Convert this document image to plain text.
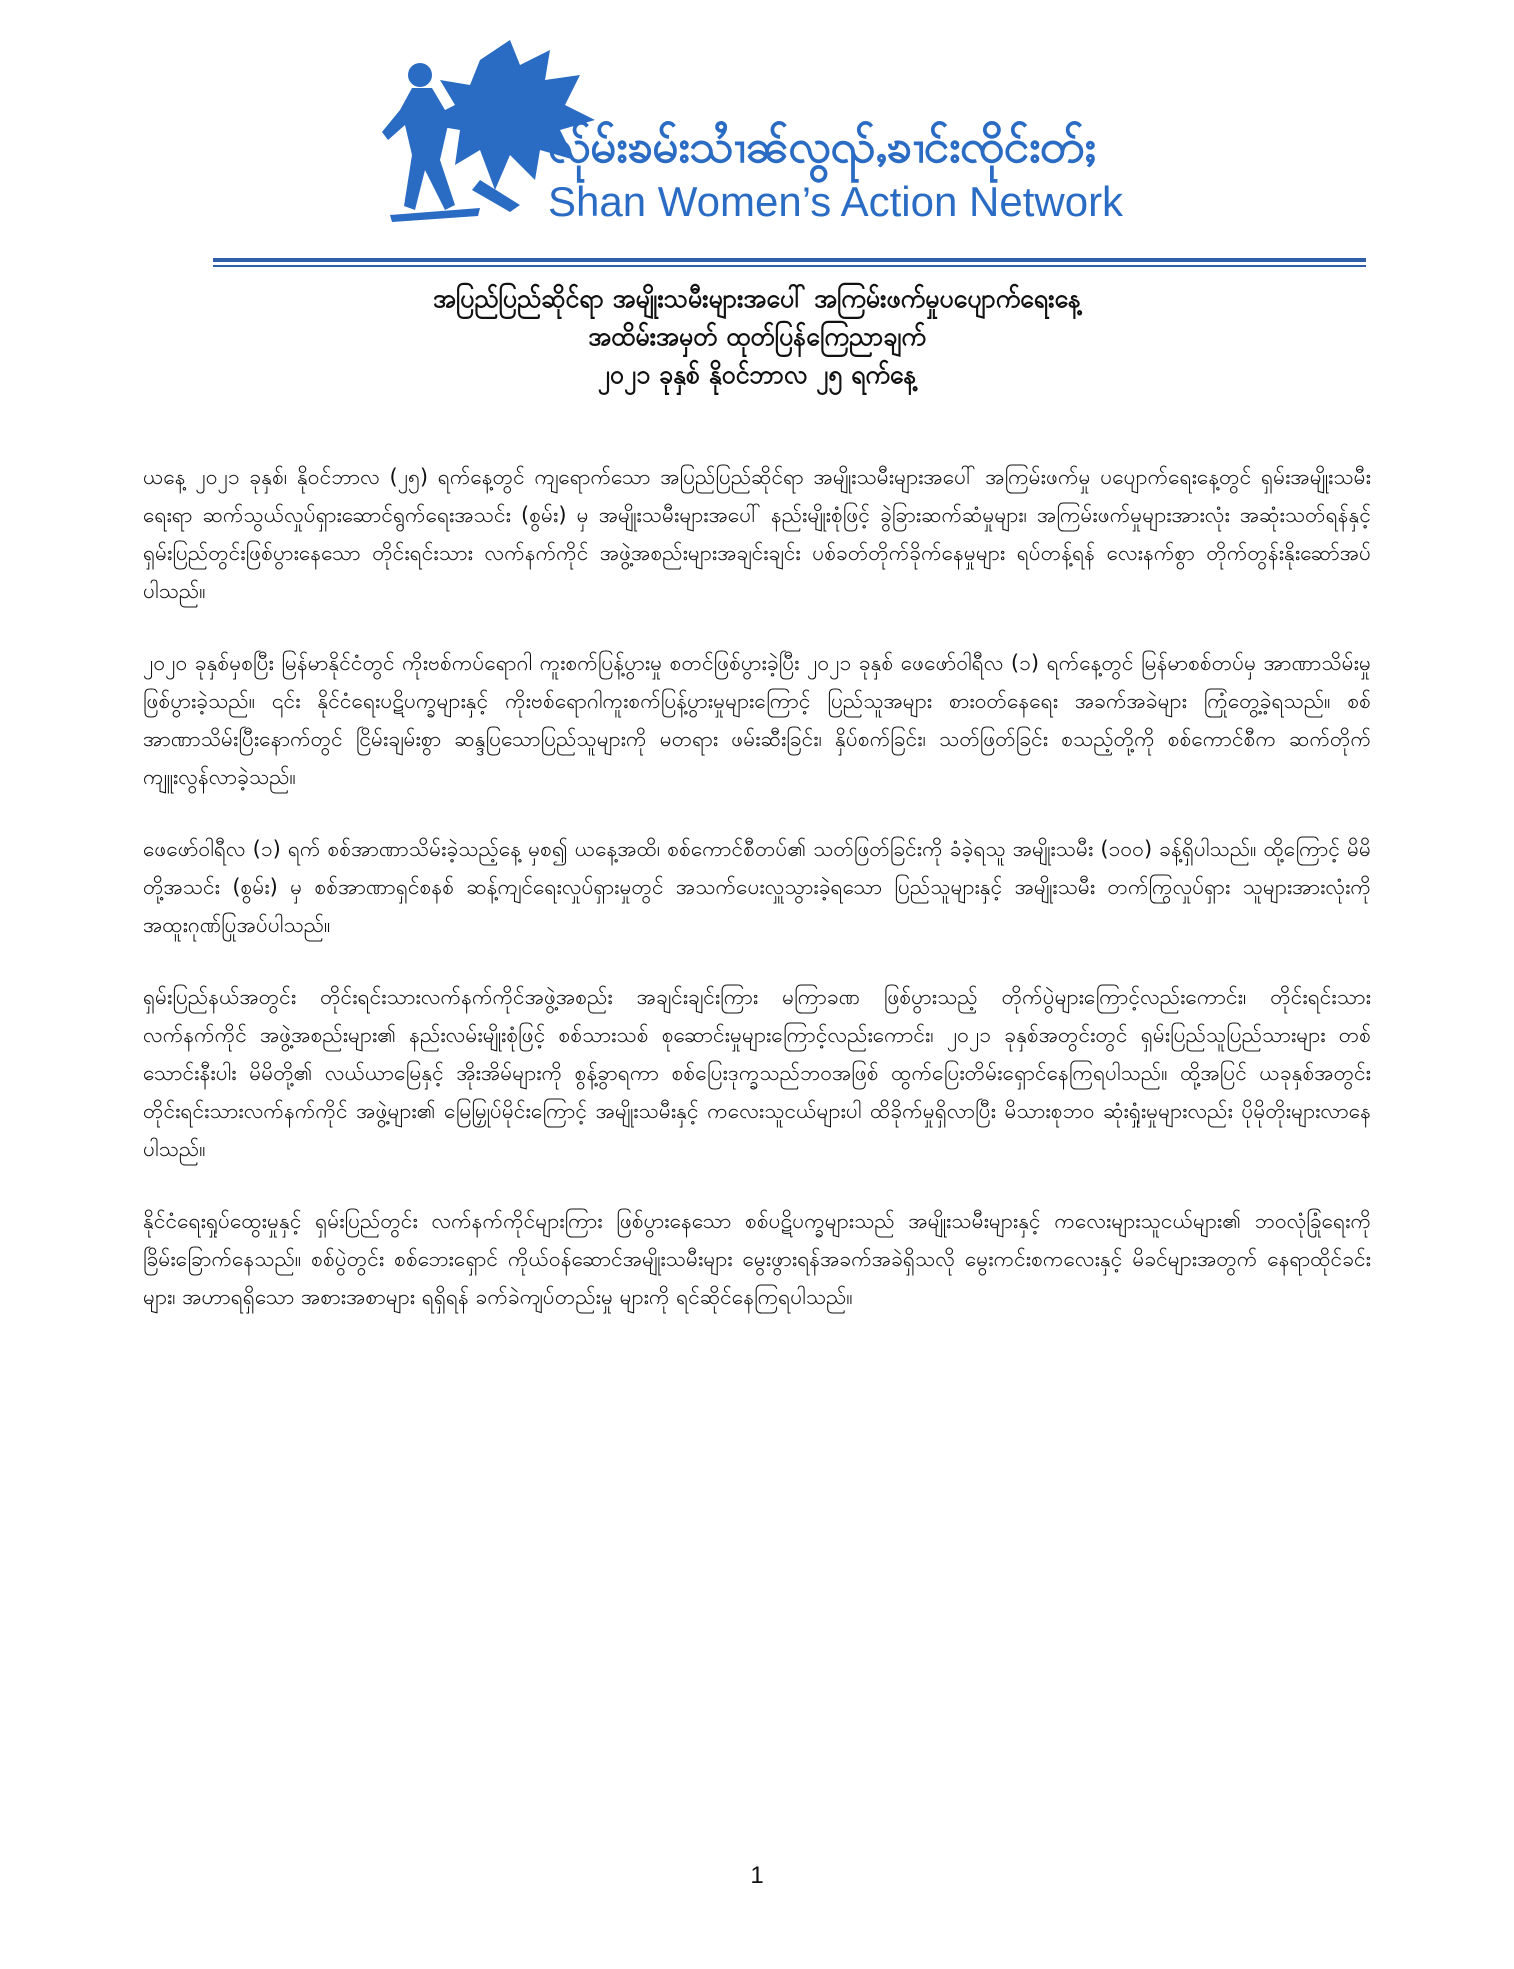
လ်ုမ်းၶမ်းသၢႆၼ်လွၺ်ႇၶၢင်းၸိုင်းတ်ႈ
Shan Women’s Action Network
အပြည်ပြည်ဆိုင်ရာ အမျိုးသမီးများအပေါ် အကြမ်းဖက်မှုပပျောက်ရေးနေ့
အထိမ်းအမှတ် ထုတ်ပြန်ကြေညာချက်
၂၀၂၁ ခုနှစ် နိုဝင်ဘာလ ၂၅ ရက်နေ့

ယနေ့ ၂၀၂၁ ခုနှစ်၊ နိုဝင်ဘာလ (၂၅) ရက်နေ့တွင် ကျရောက်သော အပြည်ပြည်ဆိုင်ရာ အမျိုးသမီးများအပေါ် အကြမ်းဖက်မှု ပပျောက်ရေးနေ့တွင် ရှမ်းအမျိုးသမီး ရေးရာ ဆက်သွယ်လှုပ်ရှားဆောင်ရွက်ရေးအသင်း (စွမ်း) မှ အမျိုးသမီးများအပေါ် နည်းမျိုးစုံဖြင့် ခွဲခြားဆက်ဆံမှုများ၊ အကြမ်းဖက်မှုများအားလုံး အဆုံးသတ်ရန်နှင့် ရှမ်းပြည်တွင်းဖြစ်ပွားနေသော တိုင်းရင်းသား လက်နက်ကိုင် အဖွဲ့အစည်းများအချင်းချင်း ပစ်ခတ်တိုက်ခိုက်နေမှုများ ရပ်တန့်ရန် လေးနက်စွာ တိုက်တွန်းနိုးဆော်အပ်ပါသည်။

၂၀၂၀ ခုနှစ်မှစပြီး မြန်မာနိုင်ငံတွင် ကိုးဗစ်ကပ်ရောဂါ ကူးစက်ပြန့်ပွားမှု စတင်ဖြစ်ပွားခဲ့ပြီး ၂၀၂၁ ခုနှစ် ဖေဖော်ဝါရီလ (၁) ရက်နေ့တွင် မြန်မာစစ်တပ်မှ အာဏာသိမ်းမှုဖြစ်ပွားခဲ့သည်။ ၎င်း နိုင်ငံရေးပဋိပက္ခများနှင့် ကိုးဗစ်ရောဂါကူးစက်ပြန့်ပွားမှုများကြောင့် ပြည်သူအများ စားဝတ်နေရေး အခက်အခဲများ ကြုံတွေ့ခဲ့ရသည်။ စစ်အာဏာသိမ်းပြီးနောက်တွင် ငြိမ်းချမ်းစွာ ဆန္ဒပြသောပြည်သူများကို မတရား ဖမ်းဆီးခြင်း၊ နှိပ်စက်ခြင်း၊ သတ်ဖြတ်ခြင်း စသည့်တို့ကို စစ်ကောင်စီက ဆက်တိုက်ကျူးလွန်လာခဲ့သည်။

ဖေဖော်ဝါရီလ (၁) ရက် စစ်အာဏာသိမ်းခဲ့သည့်နေ့ မှစ၍ ယနေ့အထိ၊ စစ်ကောင်စီတပ်၏ သတ်ဖြတ်ခြင်းကို ခံခဲ့ရသူ အမျိုးသမီး (၁၀၀) ခန့်ရှိပါသည်။ ထို့ကြောင့် မိမိတို့အသင်း (စွမ်း) မှ စစ်အာဏာရှင်စနစ် ဆန့်ကျင်ရေးလှုပ်ရှားမှုတွင် အသက်ပေးလှူသွားခဲ့ရသော ပြည်သူများနှင့် အမျိုးသမီး တက်ကြွလှုပ်ရှား သူများအားလုံးကို အထူးဂုဏ်ပြုအပ်ပါသည်။

ရှမ်းပြည်နယ်အတွင်း တိုင်းရင်းသားလက်နက်ကိုင်အဖွဲ့အစည်း အချင်းချင်းကြား မကြာခဏ ဖြစ်ပွားသည့် တိုက်ပွဲများကြောင့်လည်းကောင်း၊ တိုင်းရင်းသားလက်နက်ကိုင် အဖွဲ့အစည်းများ၏ နည်းလမ်းမျိုးစုံဖြင့် စစ်သားသစ် စုဆောင်းမှုများကြောင့်လည်းကောင်း၊ ၂၀၂၁ ခုနှစ်အတွင်းတွင် ရှမ်းပြည်သူပြည်သားများ တစ်သောင်းနီးပါး မိမိတို့၏ လယ်ယာမြေနှင့် အိုးအိမ်များကို စွန့်ခွာရကာ စစ်ပြေးဒုက္ခသည်ဘဝအဖြစ် ထွက်ပြေးတိမ်းရှောင်နေကြရပါသည်။ ထို့အပြင် ယခုနှစ်အတွင်း တိုင်းရင်းသားလက်နက်ကိုင် အဖွဲ့များ၏ မြေမြှုပ်မိုင်းကြောင့် အမျိုးသမီးနှင့် ကလေးသူငယ်များပါ ထိခိုက်မှုရှိလာပြီး မိသားစုဘဝ ဆုံးရှုံးမှုများလည်း ပိုမိုတိုးများလာနေပါသည်။

နိုင်ငံရေးရှုပ်ထွေးမှုနှင့် ရှမ်းပြည်တွင်း လက်နက်ကိုင်များကြား ဖြစ်ပွားနေသော စစ်ပဋိပက္ခများသည် အမျိုးသမီးများနှင့် ကလေးများသူငယ်များ၏ ဘဝလုံခြုံရေးကို ခြိမ်းခြောက်နေသည်။ စစ်ပွဲတွင်း စစ်ဘေးရှောင် ကိုယ်ဝန်ဆောင်အမျိုးသမီးများ မွေးဖွားရန်အခက်အခဲရှိသလို မွေးကင်းစကလေးနှင့် မိခင်များအတွက် နေရာထိုင်ခင်းများ၊ အဟာရရှိသော အစားအစာများ ရရှိရန် ခက်ခဲကျပ်တည်းမှု များကို ရင်ဆိုင်နေကြရပါသည်။

1
